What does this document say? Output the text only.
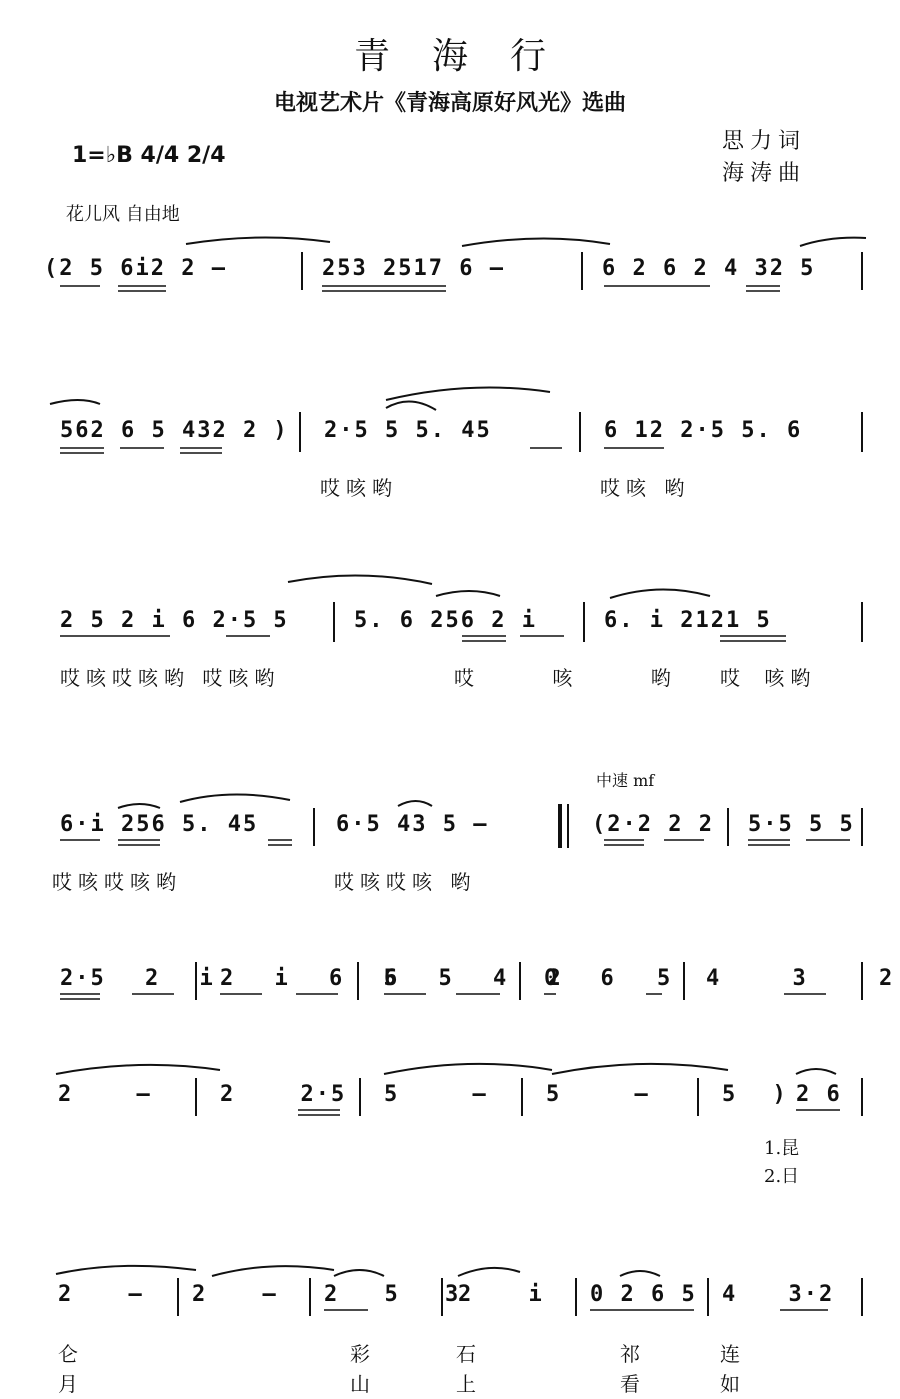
青海行
电视艺术片《青海高原好风光》选曲
1=♭B 4/4 2/4
思力词
海涛曲
花儿风 自由地
中速 mf
(2 5 6i2 2 –	253 2517 6 –	6 2 6 2 4 32 5
562 6 5 432 2 ) 2·5 5 5. 45	6 12 2·5 5. 6
哎咳哟	哎咳 哟
2 5 2 i 6 2·5 5	5. 6 256 2 i	6. i 2121 5
哎咳哎咳哟 哎咳哟	哎 咳 哟 哎 咳哟
6·i 256 5. 45	6·5 43 5 –	(2·2 2 2 5·5 5 5
哎咳哎咳哟	哎咳哎咳 哟
2·5 2 i 2 i 6 5
6 5 4 2
0 6 5 4 3 2
2 –	2 2·5 5 –	5 –	5 ) 2 6
1.昆
2.日
2 – 2 – 2 5 3
2 i 0 2 6 5 4 3·2
仑	彩	石	祁	连
月	山	上	看	如
